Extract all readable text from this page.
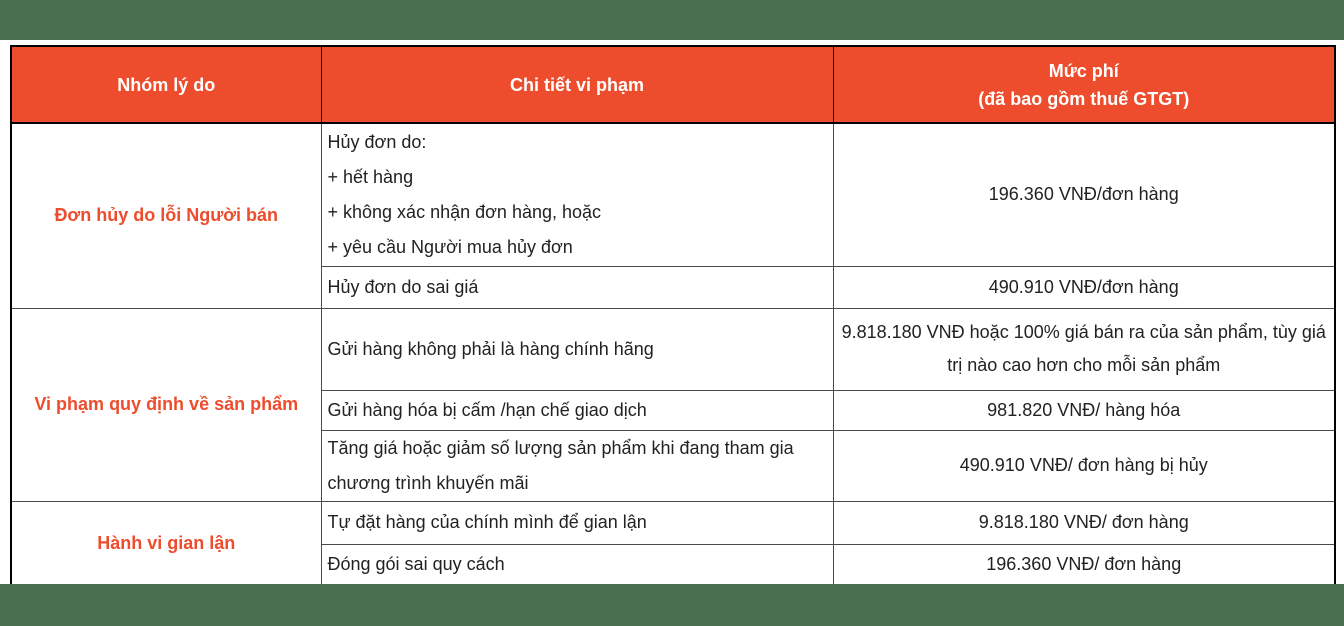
Nhóm lý do	Chi tiết vi phạm	Mức phí
(đã bao gồm thuế GTGT)

Đơn hủy do lỗi Người bán	Hủy đơn do:
+ hết hàng
+ không xác nhận đơn hàng, hoặc
+ yêu cầu Người mua hủy đơn	196.360 VNĐ/đơn hàng

	Hủy đơn do sai giá	490.910 VNĐ/đơn hàng
Vi phạm quy định về sản phẩm	Gửi hàng không phải là hàng chính hãng	9.818.180 VNĐ hoặc 100% giá bán ra của sản phẩm, tùy giá trị nào cao hơn cho mỗi sản phẩm

	Gửi hàng hóa bị cấm /hạn chế giao dịch	981.820 VNĐ/ hàng hóa

	Tăng giá hoặc giảm số lượng sản phẩm khi đang tham gia chương trình khuyến mãi	490.910 VNĐ/ đơn hàng bị hủy
Hành vi gian lận	Tự đặt hàng của chính mình để gian lận	9.818.180 VNĐ/ đơn hàng

	Đóng gói sai quy cách	196.360 VNĐ/ đơn hàng
